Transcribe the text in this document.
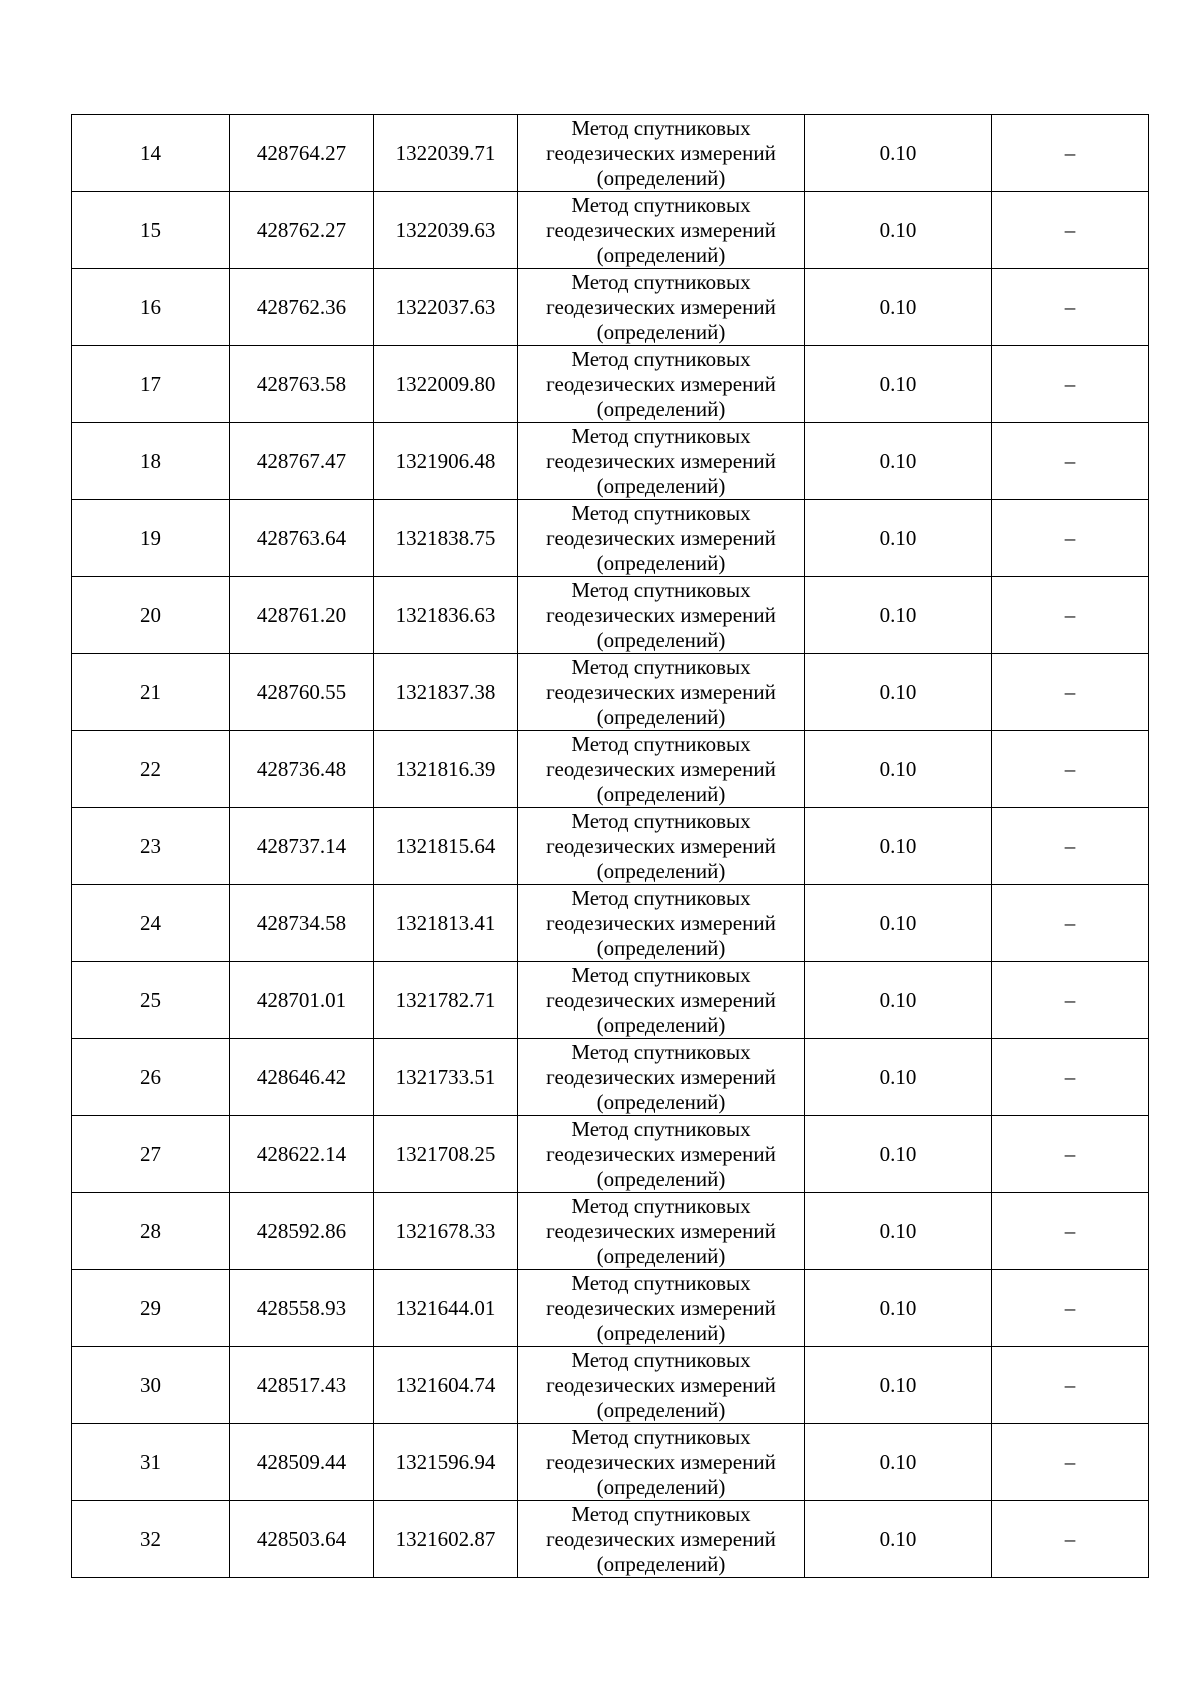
14	428764.27	1322039.71	Метод спутниковых
геодезических измерений
(определений)	0.10	–
15	428762.27	1322039.63	Метод спутниковых
геодезических измерений
(определений)	0.10	–
16	428762.36	1322037.63	Метод спутниковых
геодезических измерений
(определений)	0.10	–
17	428763.58	1322009.80	Метод спутниковых
геодезических измерений
(определений)	0.10	–
18	428767.47	1321906.48	Метод спутниковых
геодезических измерений
(определений)	0.10	–
19	428763.64	1321838.75	Метод спутниковых
геодезических измерений
(определений)	0.10	–
20	428761.20	1321836.63	Метод спутниковых
геодезических измерений
(определений)	0.10	–
21	428760.55	1321837.38	Метод спутниковых
геодезических измерений
(определений)	0.10	–
22	428736.48	1321816.39	Метод спутниковых
геодезических измерений
(определений)	0.10	–
23	428737.14	1321815.64	Метод спутниковых
геодезических измерений
(определений)	0.10	–
24	428734.58	1321813.41	Метод спутниковых
геодезических измерений
(определений)	0.10	–
25	428701.01	1321782.71	Метод спутниковых
геодезических измерений
(определений)	0.10	–
26	428646.42	1321733.51	Метод спутниковых
геодезических измерений
(определений)	0.10	–
27	428622.14	1321708.25	Метод спутниковых
геодезических измерений
(определений)	0.10	–
28	428592.86	1321678.33	Метод спутниковых
геодезических измерений
(определений)	0.10	–
29	428558.93	1321644.01	Метод спутниковых
геодезических измерений
(определений)	0.10	–
30	428517.43	1321604.74	Метод спутниковых
геодезических измерений
(определений)	0.10	–
31	428509.44	1321596.94	Метод спутниковых
геодезических измерений
(определений)	0.10	–
32	428503.64	1321602.87	Метод спутниковых
геодезических измерений
(определений)	0.10	–
